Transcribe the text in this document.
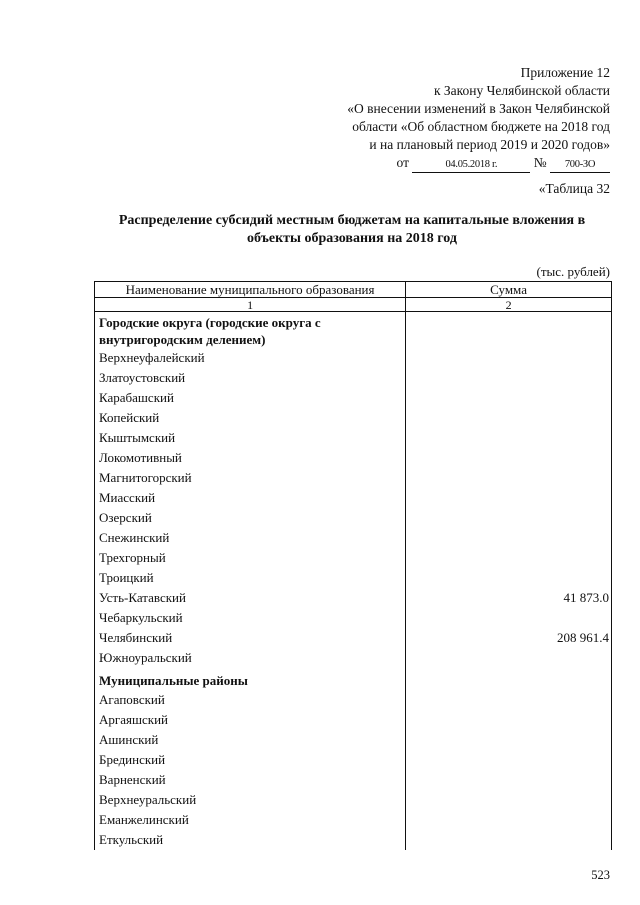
Приложение 12
к Закону Челябинской области
«О внесении изменений в Закон Челябинской
области «Об областном бюджете на 2018 год
и на плановый период 2019 и 2020 годов»
от	04.05.2018 г.	№ 700-ЗО
«Таблица 32
Распределение субсидий местным бюджетам на капитальные вложения в объекты образования на 2018 год
(тыс. рублей)
Наименование муниципального образования	Сумма
1	2
Городские округа (городские округа с внутригородским делением)	
Верхнеуфалейский	
Златоустовский	
Карабашский	
Копейский	
Кыштымский	
Локомотивный	
Магнитогорский	
Миасский	
Озерский	
Снежинский	
Трехгорный	
Троицкий	
Усть-Катавский	41 873.0
Чебаркульский	
Челябинский	208 961.4
Южноуральский	
Муниципальные районы	
Агаповский	
Аргаяшский	
Ашинский	
Брединский	
Варненский	
Верхнеуральский	
Еманжелинский	
Еткульский	
523
